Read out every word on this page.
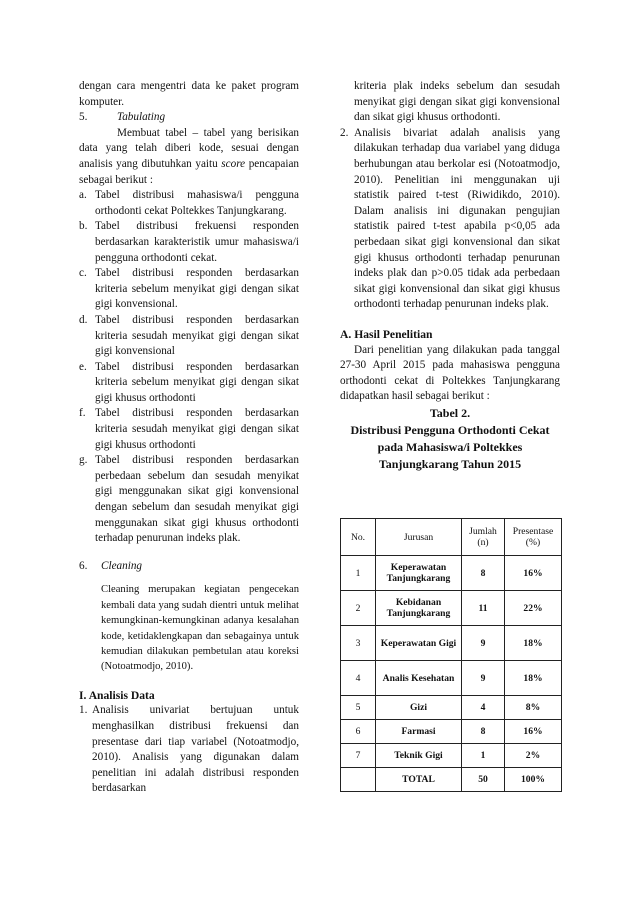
dengan cara mengentri data ke paket program komputer.

5.	Tabulating

Membuat tabel – tabel yang berisikan data yang telah diberi kode, sesuai dengan analisis yang dibutuhkan yaitu score pencapaian sebagai berikut :

a. Tabel distribusi mahasiswa/i pengguna orthodonti cekat Poltekkes Tanjungkarang.
b. Tabel distribusi frekuensi responden berdasarkan karakteristik umur mahasiswa/i pengguna orthodonti cekat.
c. Tabel distribusi responden berdasarkan kriteria sebelum menyikat gigi dengan sikat gigi konvensional.
d. Tabel distribusi responden berdasarkan kriteria sesudah menyikat gigi dengan sikat gigi konvensional
e. Tabel distribusi responden berdasarkan kriteria sebelum menyikat gigi dengan sikat gigi khusus orthodonti
f. Tabel distribusi responden berdasarkan kriteria sesudah menyikat gigi dengan sikat gigi khusus orthodonti
g. Tabel distribusi responden berdasarkan perbedaan sebelum dan sesudah menyikat gigi menggunakan sikat gigi konvensional dengan sebelum dan sesudah menyikat gigi menggunakan sikat gigi khusus orthodonti terhadap penurunan indeks plak.
6.	Cleaning

Cleaning merupakan kegiatan pengecekan kembali data yang sudah dientri untuk melihat kemungkinan-kemungkinan adanya kesalahan kode, ketidaklengkapan dan sebagainya untuk kemudian dilakukan pembetulan atau koreksi (Notoatmodjo, 2010).

I. Analisis Data
1. Analisis univariat bertujuan untuk menghasilkan distribusi frekuensi dan presentase dari tiap variabel (Notoatmodjo, 2010). Analisis yang digunakan dalam penelitian ini adalah distribusi responden berdasarkan

kriteria plak indeks sebelum dan sesudah menyikat gigi dengan sikat gigi konvensional dan sikat gigi khusus orthodonti.

2. Analisis bivariat adalah analisis yang dilakukan terhadap dua variabel yang diduga berhubungan atau berkolar esi (Notoatmodjo, 2010). Penelitian ini menggunakan uji statistik paired t-test (Riwidikdo, 2010). Dalam analisis ini digunakan pengujian statistik paired t-test apabila p<0,05 ada perbedaan sikat gigi konvensional dan sikat gigi khusus orthodonti terhadap penurunan indeks plak dan p>0.05 tidak ada perbedaan sikat gigi konvensional dan sikat gigi khusus orthodonti terhadap penurunan indeks plak.
A. Hasil Penelitian

Dari penelitian yang dilakukan pada tanggal 27-30 April 2015 pada mahasiswa pengguna orthodonti cekat di Poltekkes Tanjungkarang didapatkan hasil sebagai berikut :

Tabel 2.
Distribusi Pengguna Orthodonti Cekat pada Mahasiswa/i Poltekkes Tanjungkarang Tahun 2015
No.	Jurusan	Jumlah (n)	Presentase (%)
1	Keperawatan Tanjungkarang	8	16%
2	Kebidanan Tanjungkarang	11	22%
3	Keperawatan Gigi	9	18%
4	Analis Kesehatan	9	18%
5	Gizi	4	8%
6	Farmasi	8	16%
7	Teknik Gigi	1	2%
	TOTAL	50	100%
